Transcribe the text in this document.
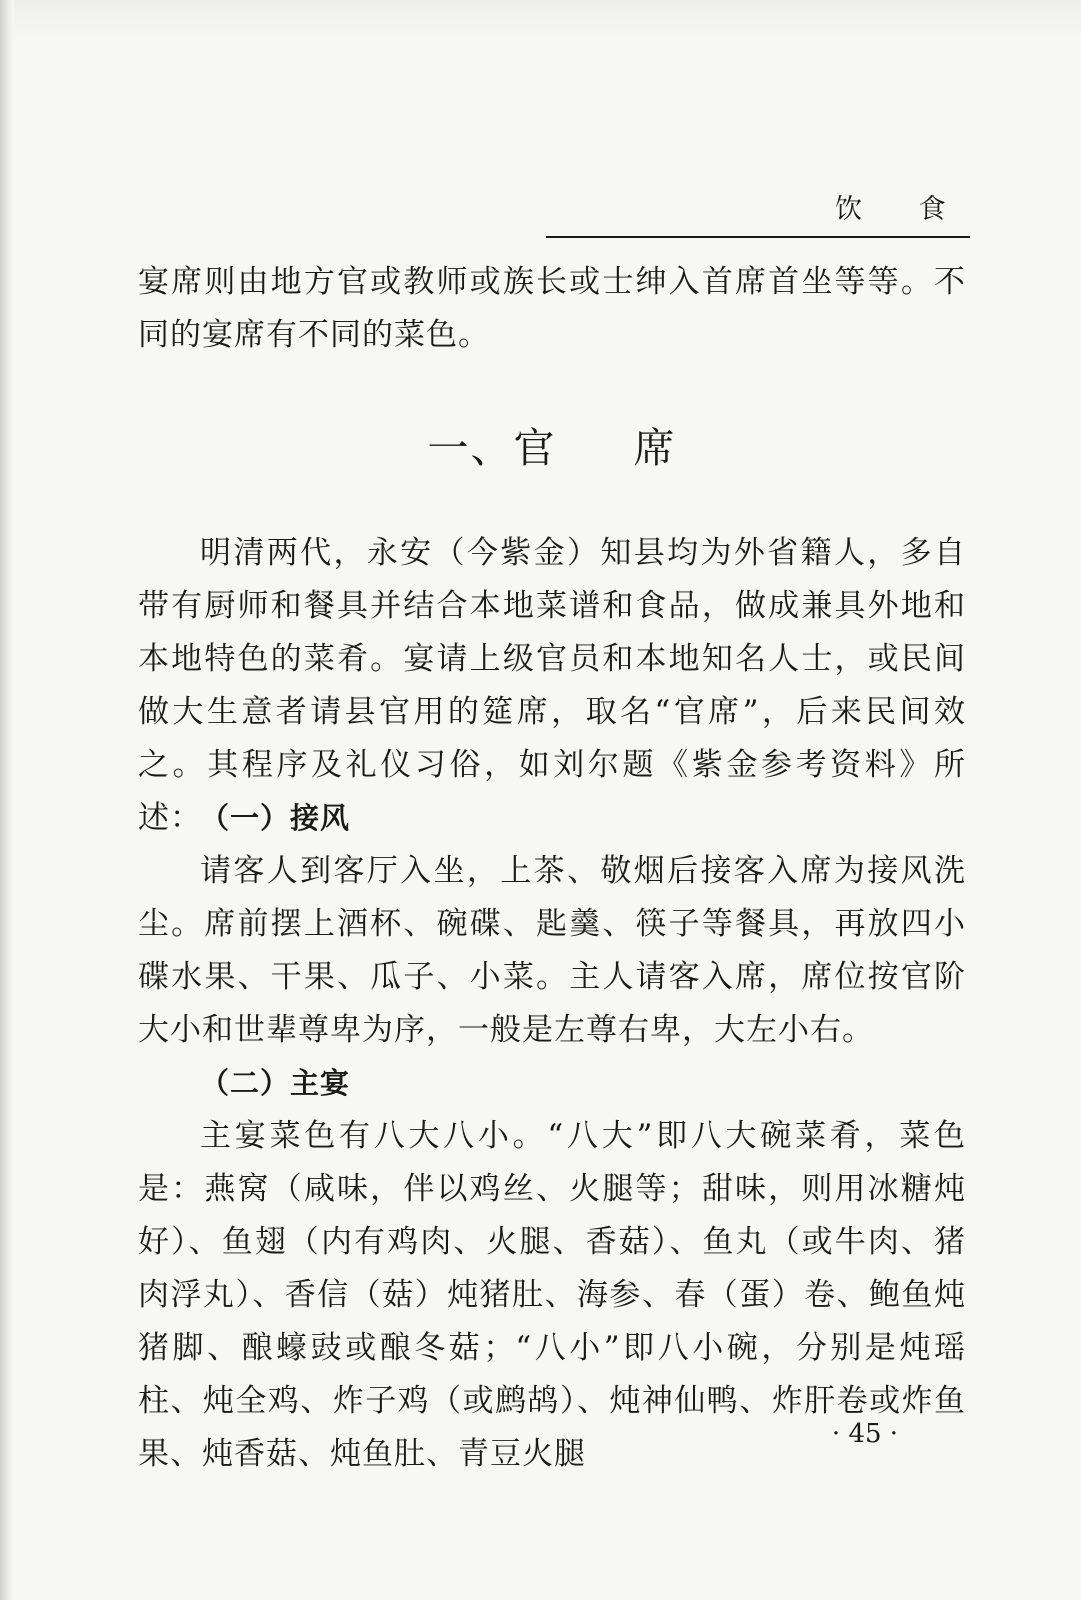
饮 食

宴席则由地方官或教师或族长或士绅入首席首坐等等。不同的宴席有不同的菜色。

一、官 席

明清两代，永安（今紫金）知县均为外省籍人，多自带有厨师和餐具并结合本地菜谱和食品，做成兼具外地和本地特色的菜肴。宴请上级官员和本地知名人士，或民间做大生意者请县官用的筵席，取名“官席”，后来民间效之。其程序及礼仪习俗，如刘尔题《紫金参考资料》所述：

（一）接风

请客人到客厅入坐，上茶、敬烟后接客入席为接风洗尘。席前摆上酒杯、碗碟、匙羹、筷子等餐具，再放四小碟水果、干果、瓜子、小菜。主人请客入席，席位按官阶大小和世辈尊卑为序，一般是左尊右卑，大左小右。

（二）主宴

主宴菜色有八大八小。“八大”即八大碗菜肴，菜色是：燕窝（咸味，伴以鸡丝、火腿等；甜味，则用冰糖炖好）、鱼翅（内有鸡肉、火腿、香菇）、鱼丸（或牛肉、猪肉浮丸）、香信（菇）炖猪肚、海参、春（蛋）卷、鲍鱼炖猪脚、酿蠔豉或酿冬菇；“八小”即八小碗，分别是炖瑶柱、炖全鸡、炸子鸡（或鹧鸪）、炖神仙鸭、炸肝卷或炸鱼果、炖香菇、炖鱼肚、青豆火腿

· 45 ·
